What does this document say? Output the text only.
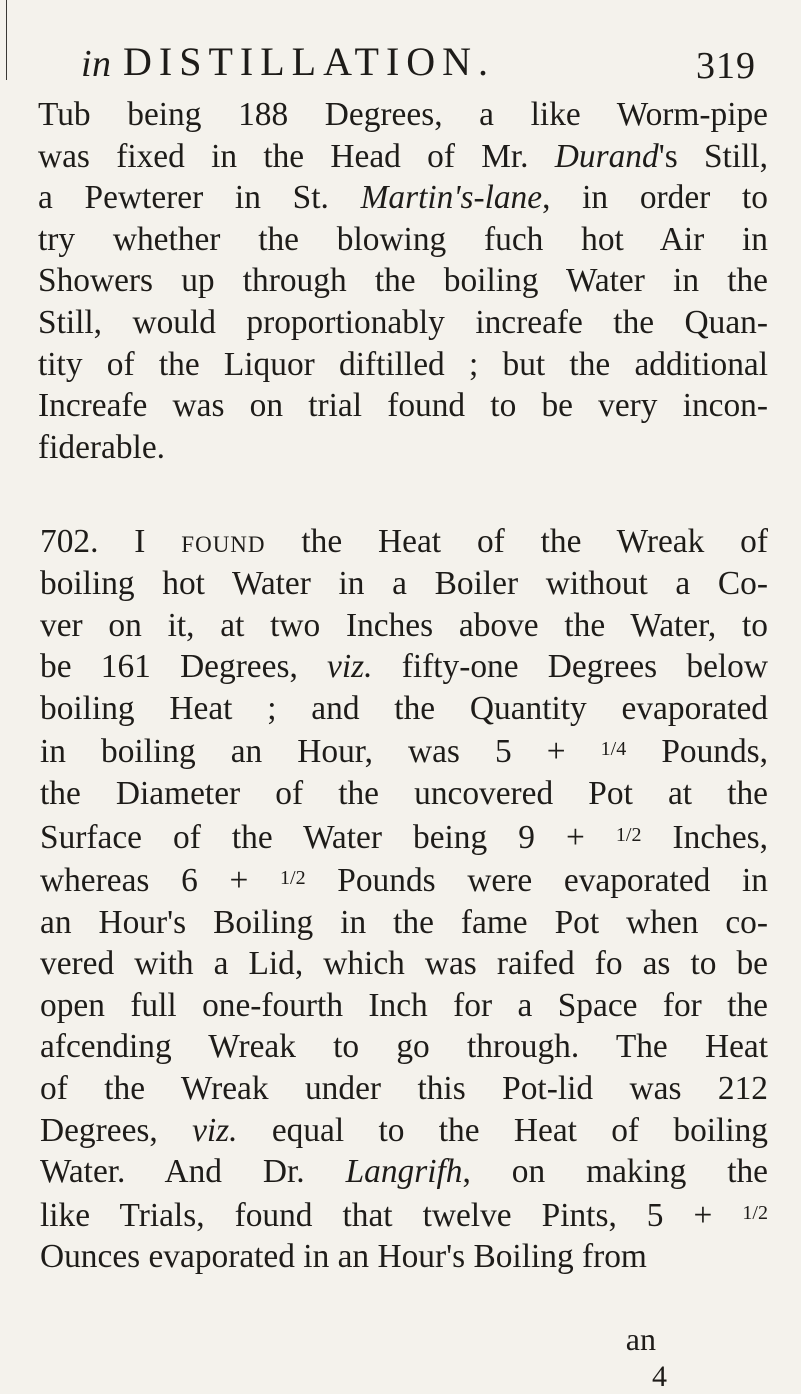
in DISTILLATION.	319
Tub being 188 Degrees, a like Worm-pipe
was fixed in the Head of Mr. Durand's Still,
a Pewterer in St. Martin's-lane, in order to
try whether the blowing fuch hot Air in
Showers up through the boiling Water in the
Still, would proportionably increafe the Quan-
tity of the Liquor diftilled ; but the additional
Increafe was on trial found to be very incon-
fiderable.
702. I found the Heat of the Wreak of
boiling hot Water in a Boiler without a Co-
ver on it, at two Inches above the Water, to
be 161 Degrees, viz. fifty-one Degrees below
boiling Heat ; and the Quantity evaporated
in boiling an Hour, was 5 + $^{1/4}$ Pounds,
the Diameter of the uncovered Pot at the
Surface of the Water being 9 + $^{1/2}$ Inches,
whereas 6 + $^{1/2}$ Pounds were evaporated in
an Hour's Boiling in the fame Pot when co-
vered with a Lid, which was raifed fo as to be
open full one-fourth Inch for a Space for the
afcending Wreak to go through. The Heat
of the Wreak under this Pot-lid was 212
Degrees, viz. equal to the Heat of boiling
Water. And Dr. Langrifh, on making the
like Trials, found that twelve Pints, 5 + $^{1/2}$
Ounces evaporated in an Hour's Boiling from
an
4
